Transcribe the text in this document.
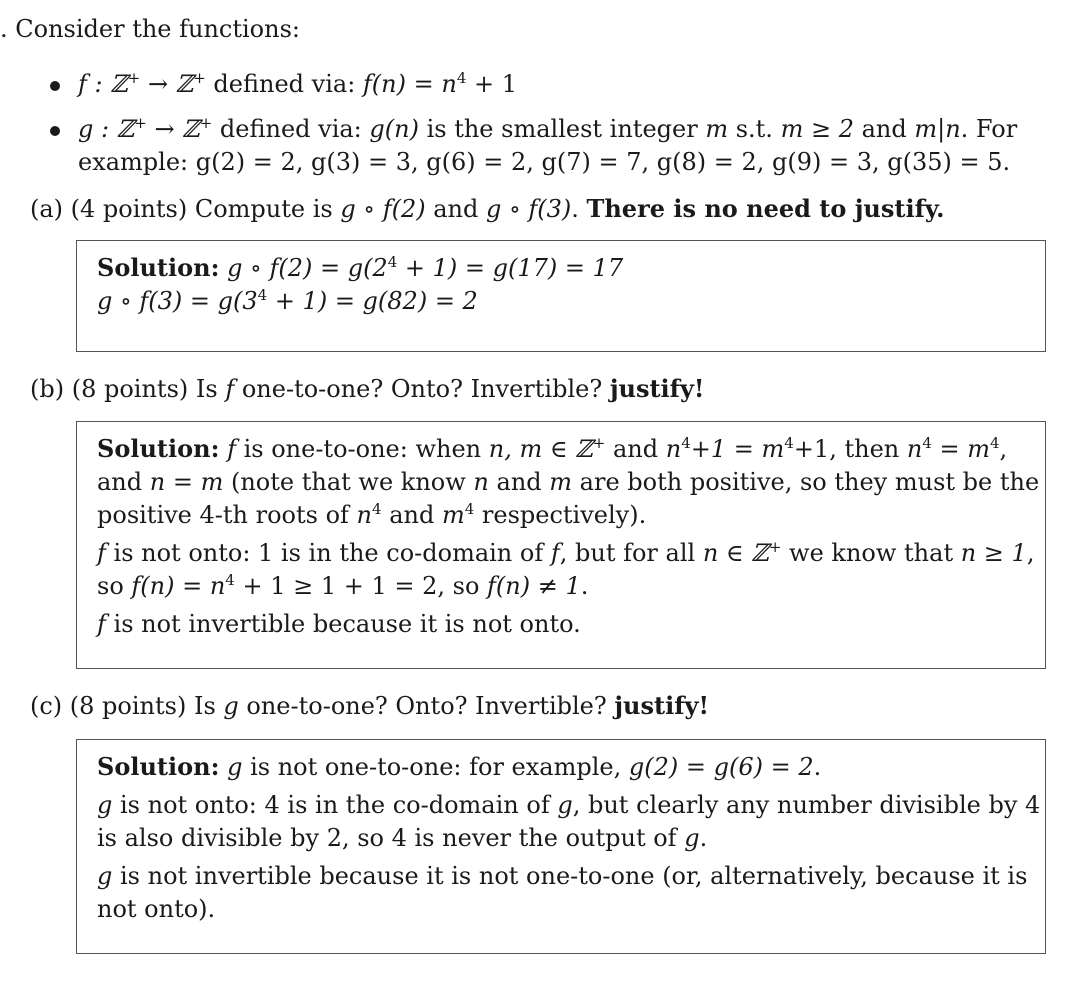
. Consider the functions:
f : ℤ+ → ℤ+ defined via: $f(n) = n^4 + 1$
g : ℤ+ → ℤ+ defined via: g(n) is the smallest integer m s.t. m ≥ 2 and m|n. For
example: g(2) = 2, g(3) = 3, g(6) = 2, g(7) = 7, g(8) = 2, g(9) = 3, g(35) = 5.
(a) (4 points) Compute is g ∘ f(2) and g ∘ f(3). There is no need to justify.
Solution: g ∘ $f(2) = g(2^4 + 1) = g(17) = 17$
g ∘ $f(3) = g(3^4 + 1) = g(82) = 2$
(b) (8 points) Is f one-to-one? Onto? Invertible? justify!
Solution: f is one-to-one: when n, m ∈ ℤ+ and $n^4+1 = m^4+1$, then $n^4 = m^4$,
and n = m (note that we know n and m are both positive, so they must be the
positive 4-th roots of $n^4$ and $m^4$ respectively).
f is not onto: 1 is in the co-domain of f, but for all n ∈ ℤ+ we know that n ≥ 1,
so $f(n) = n^4 + 1 \ge 1 + 1 = 2$, so f(n) ≠ 1.
f is not invertible because it is not onto.
(c) (8 points) Is g one-to-one? Onto? Invertible? justify!
Solution: g is not one-to-one: for example, g(2) = g(6) = 2.
g is not onto: 4 is in the co-domain of g, but clearly any number divisible by 4
is also divisible by 2, so 4 is never the output of g.
g is not invertible because it is not one-to-one (or, alternatively, because it is
not onto).
